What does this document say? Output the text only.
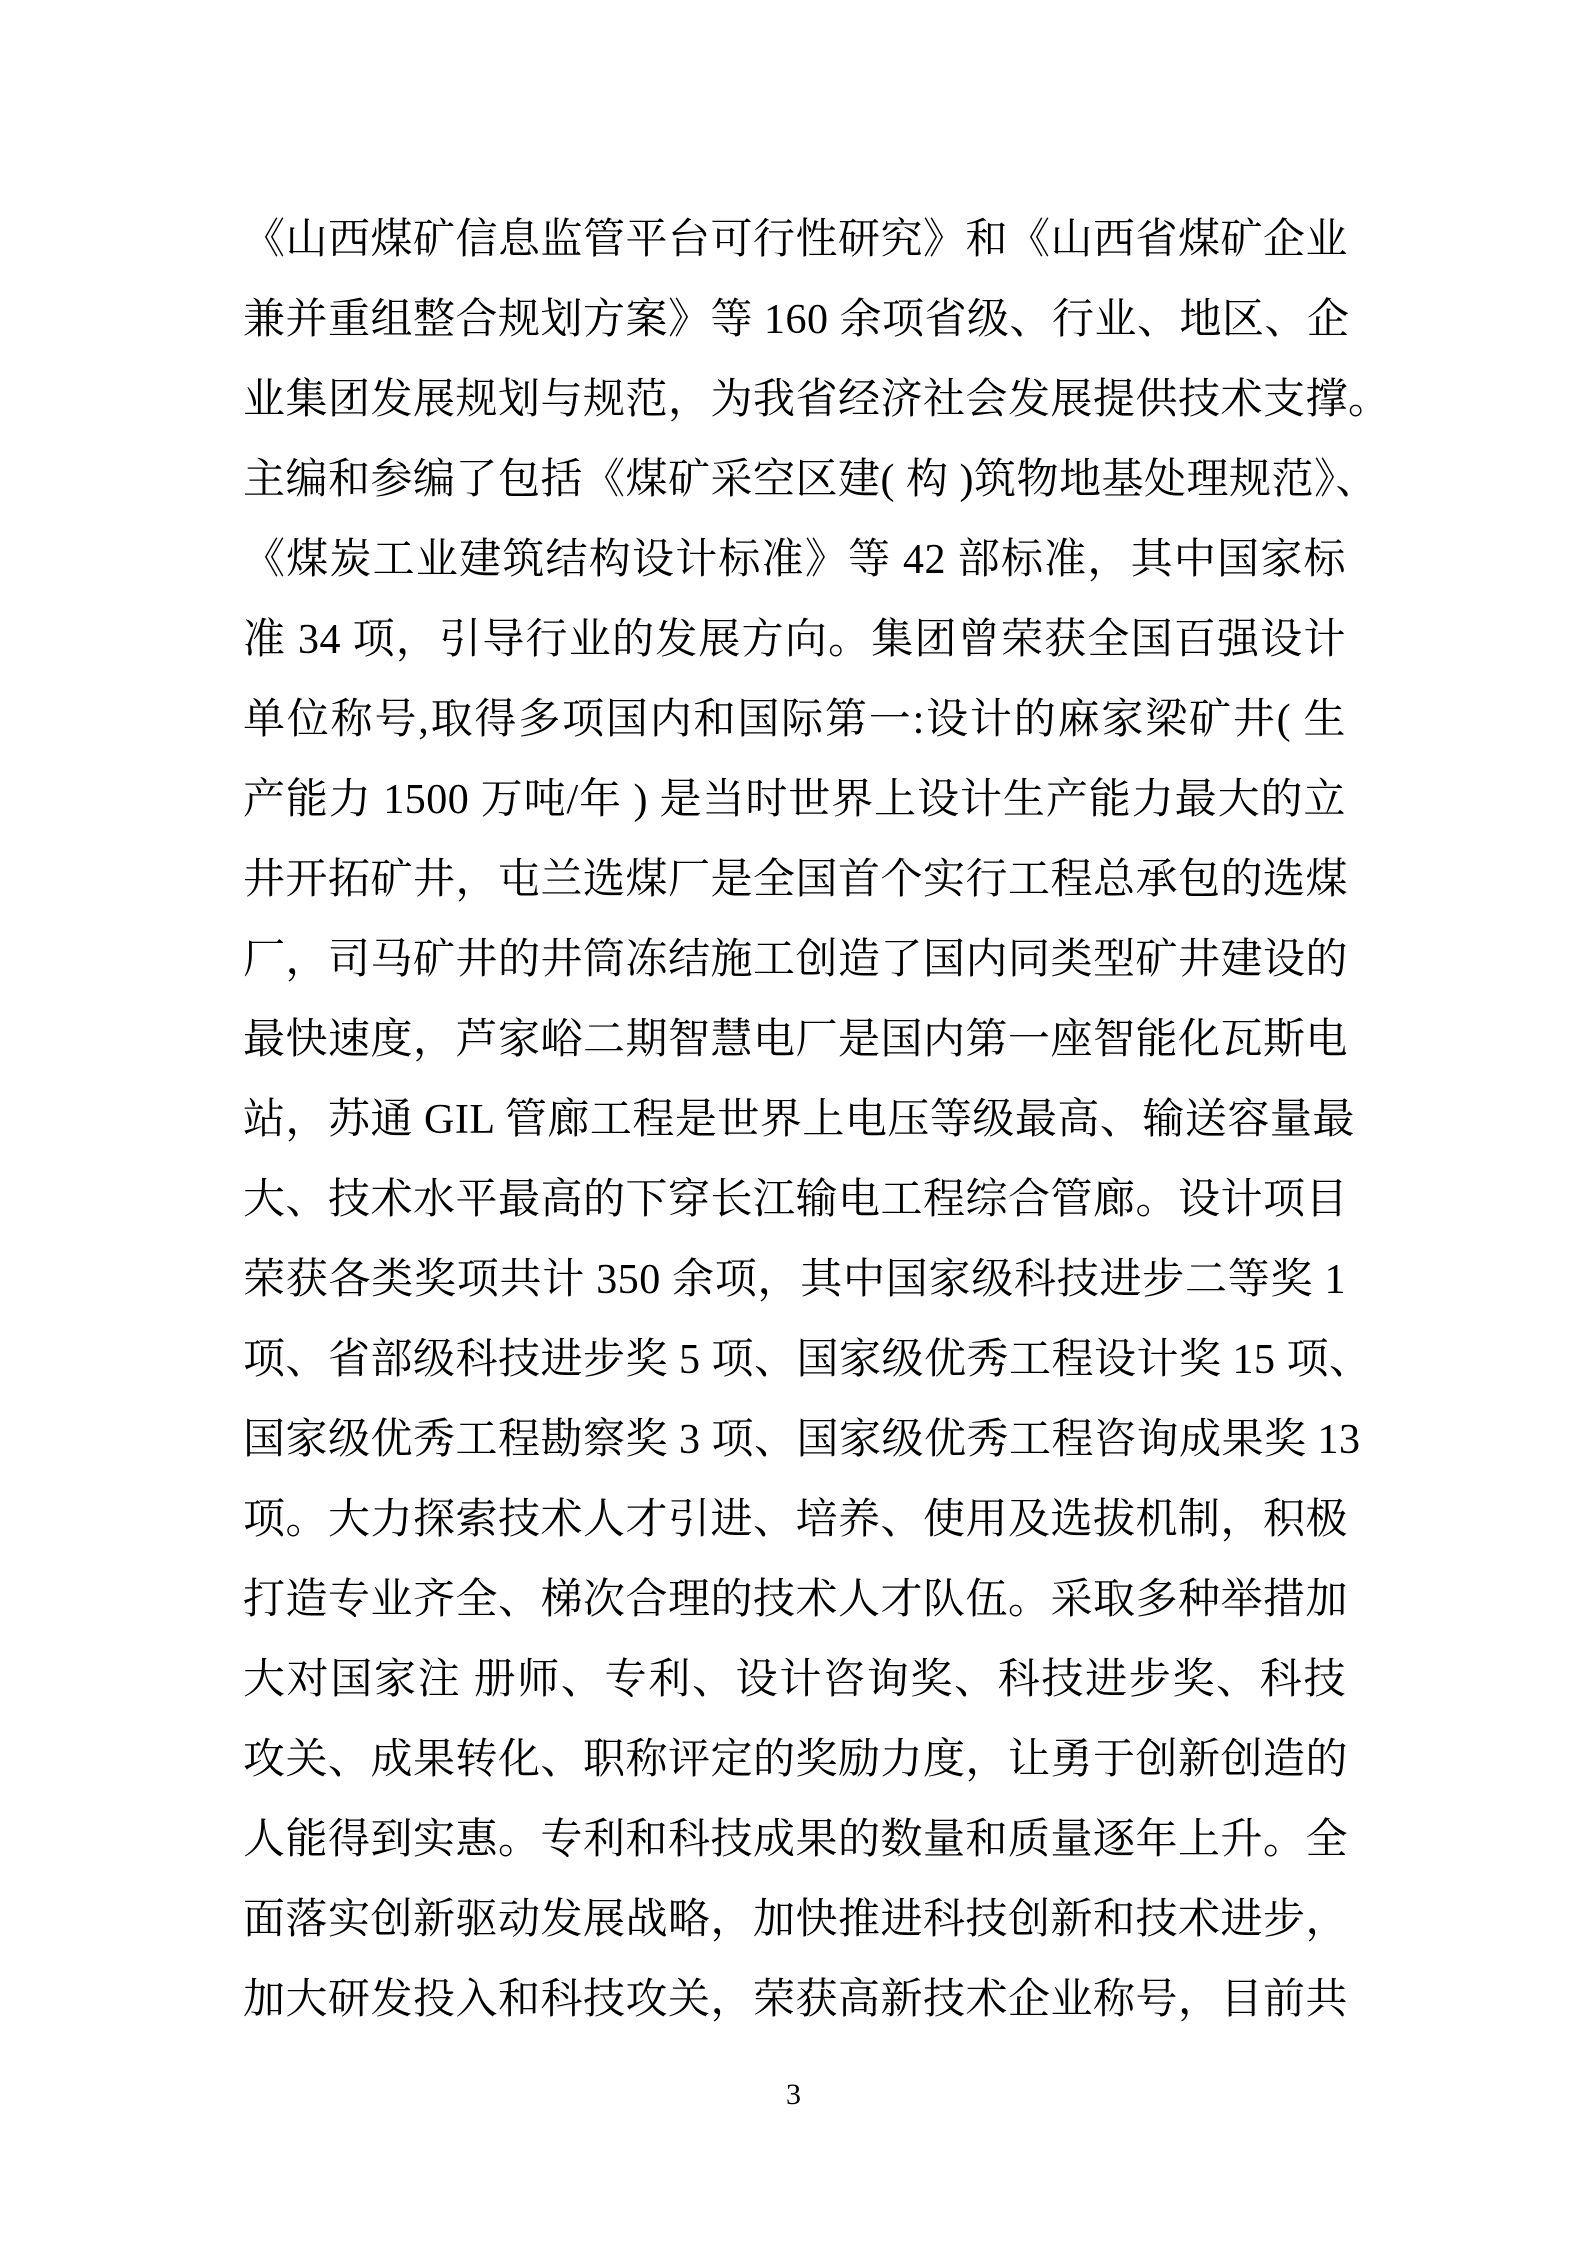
《山西煤矿信息监管平台可行性研究》和《山西省煤矿企业
兼并重组整合规划方案》等 160 余项省级、行业、地区、企
业集团发展规划与规范，为我省经济社会发展提供技术支撑。
主编和参编了包括《煤矿采空区建( 构 )筑物地基处理规范》、
《煤炭工业建筑结构设计标准》等 42 部标准，其中国家标
准 34 项，引导行业的发展方向。集团曾荣获全国百强设计
单位称号,取得多项国内和国际第一:设计的麻家梁矿井( 生
产能力 1500 万吨/年 ) 是当时世界上设计生产能力最大的立
井开拓矿井，屯兰选煤厂是全国首个实行工程总承包的选煤
厂，司马矿井的井筒冻结施工创造了国内同类型矿井建设的
最快速度，芦家峪二期智慧电厂是国内第一座智能化瓦斯电
站，苏通 GIL 管廊工程是世界上电压等级最高、输送容量最
大、技术水平最高的下穿长江输电工程综合管廊。设计项目
荣获各类奖项共计 350 余项，其中国家级科技进步二等奖 1
项、省部级科技进步奖 5 项、国家级优秀工程设计奖 15 项、
国家级优秀工程勘察奖 3 项、国家级优秀工程咨询成果奖 13
项。大力探索技术人才引进、培养、使用及选拔机制，积极
打造专业齐全、梯次合理的技术人才队伍。采取多种举措加
大对国家注 册师、专利、设计咨询奖、科技进步奖、科技
攻关、成果转化、职称评定的奖励力度，让勇于创新创造的
人能得到实惠。专利和科技成果的数量和质量逐年上升。全
面落实创新驱动发展战略，加快推进科技创新和技术进步，
加大研发投入和科技攻关，荣获高新技术企业称号，目前共
3
